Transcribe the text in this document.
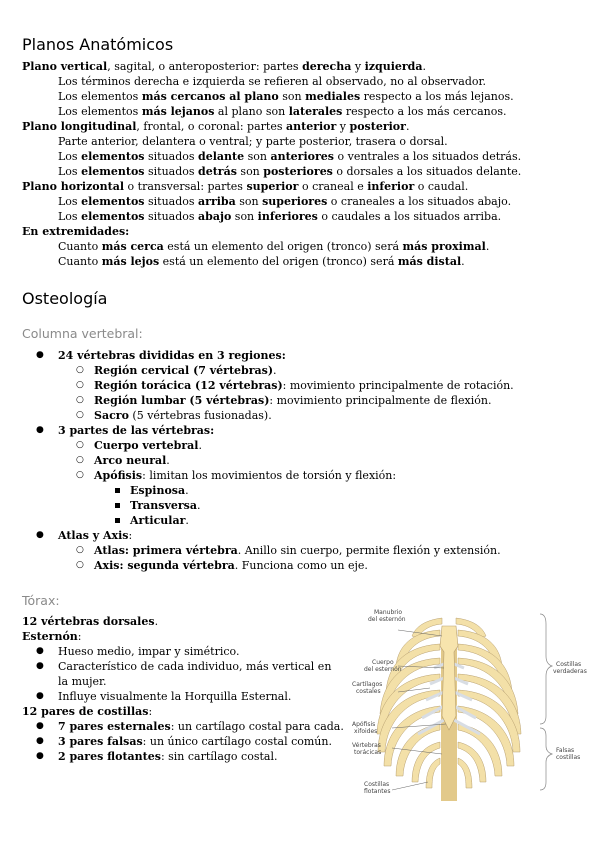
Planos Anatómicos
Plano vertical, sagital, o anteroposterior: partes derecha y izquierda.
Los términos derecha e izquierda se refieren al observado, no al observador.
Los elementos más cercanos al plano son mediales respecto a los más lejanos.
Los elementos más lejanos al plano son laterales respecto a los más cercanos.
Plano longitudinal, frontal, o coronal: partes anterior y posterior.
Parte anterior, delantera o ventral; y parte posterior, trasera o dorsal.
Los elementos situados delante son anteriores o ventrales a los situados detrás.
Los elementos situados detrás son posteriores o dorsales a los situados delante.
Plano horizontal o transversal: partes superior o craneal e inferior o caudal.
Los elementos situados arriba son superiores o craneales a los situados abajo.
Los elementos situados abajo son inferiores o caudales a los situados arriba.
En extremidades:
Cuanto más cerca está un elemento del origen (tronco) será más proximal.
Cuanto más lejos está un elemento del origen (tronco) será más distal.
Osteología
Columna vertebral:
● 24 vértebras divididas en 3 regiones:
○ Región cervical (7 vértebras).
○ Región torácica (12 vértebras): movimiento principalmente de rotación.
○ Región lumbar (5 vértebras): movimiento principalmente de flexión.
○ Sacro (5 vértebras fusionadas).
● 3 partes de las vértebras:
○ Cuerpo vertebral.
○ Arco neural.
○ Apófisis: limitan los movimientos de torsión y flexión:
Espinosa.
Transversa.
Articular.
● Atlas y Axis:
○ Atlas: primera vértebra. Anillo sin cuerpo, permite flexión y extensión.
○ Axis: segunda vértebra. Funciona como un eje.
Tórax:
12 vértebras dorsales.
Esternón:
● Hueso medio, impar y simétrico.
● Característico de cada individuo, más vertical en
la mujer.
● Influye visualmente la Horquilla Esternal.
12 pares de costillas:
● 7 pares esternales: un cartílago costal para cada.
● 3 pares falsas: un único cartílago costal común.
● 2 pares flotantes: sin cartílago costal.
Manubrio
del esternón
Cuerpo
del esternón
Cartílagos
costales
Apófisis
xifoides
Vértebras
torácicas
Costillas
flotantes
Costillas
verdaderas
Falsas
costillas
